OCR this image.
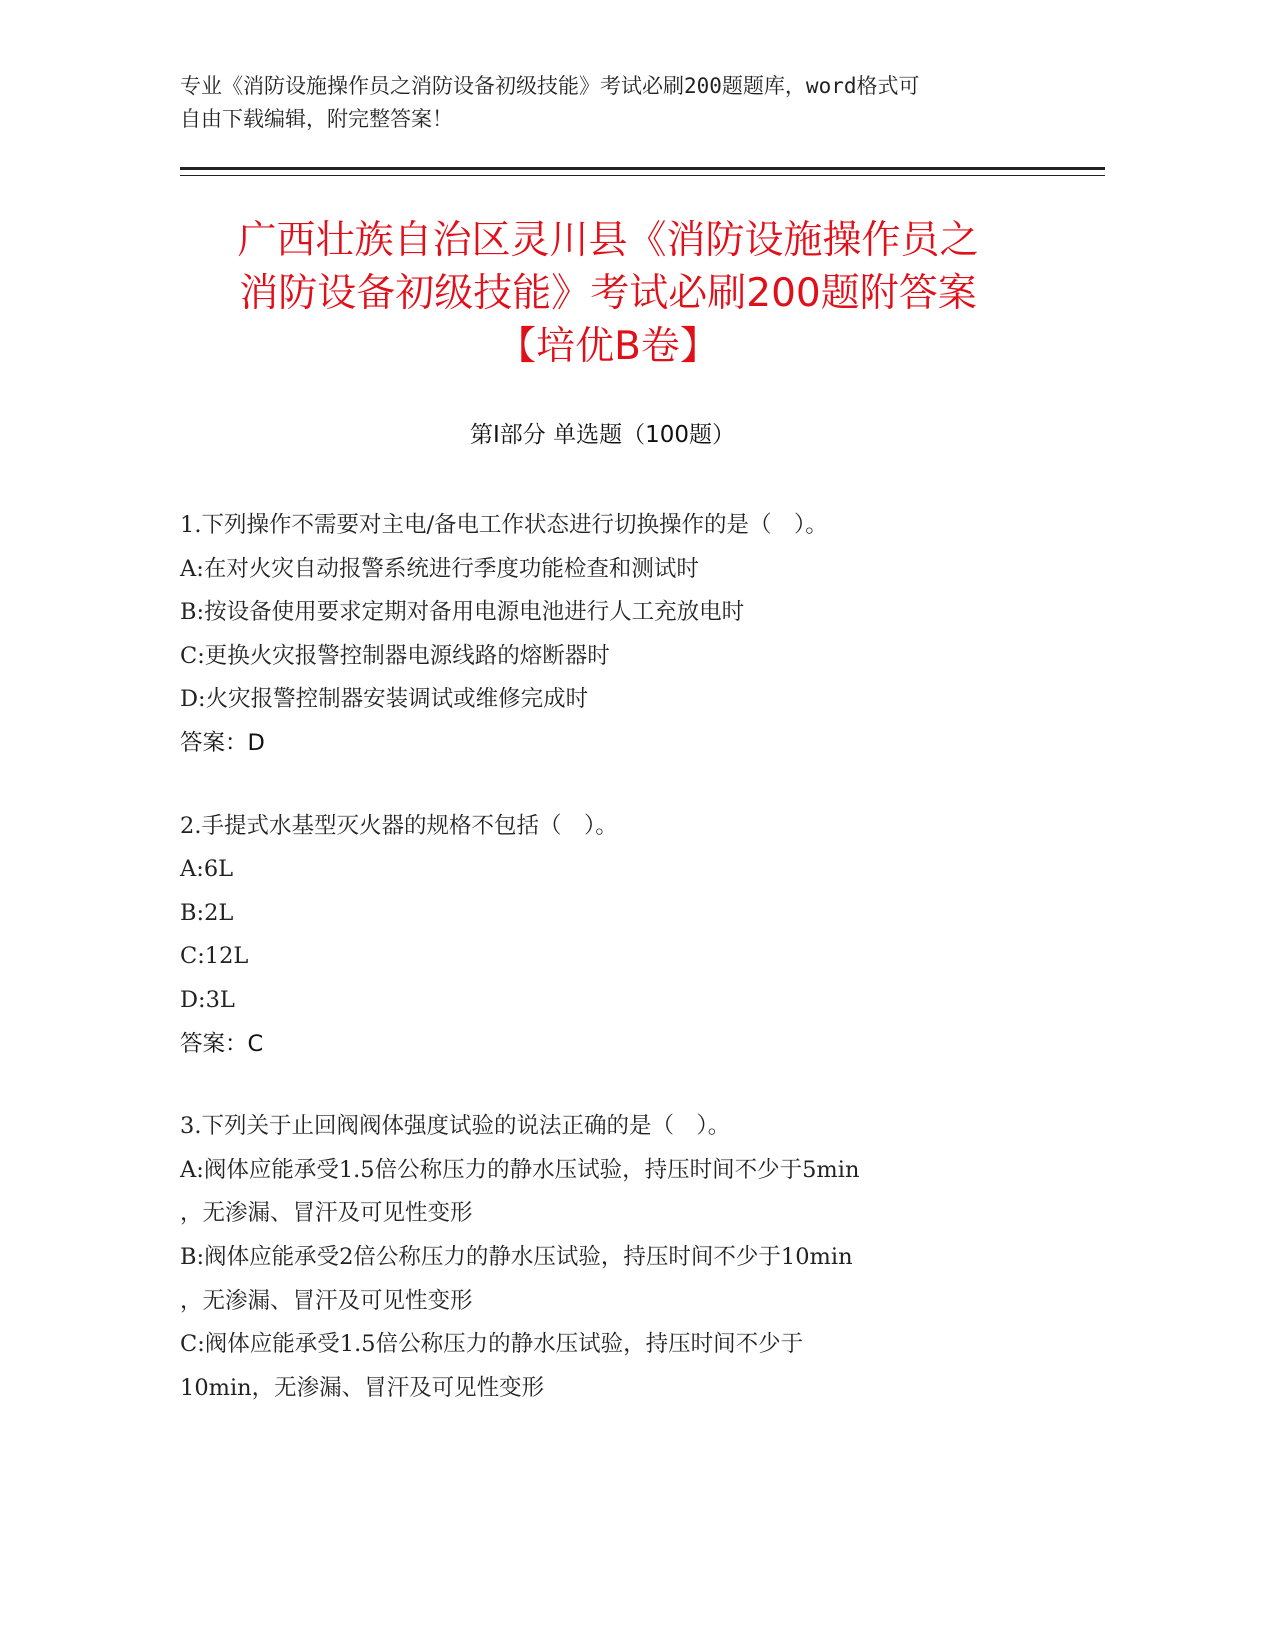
专业《消防设施操作员之消防设备初级技能》考试必刷200题题库，word格式可
自由下载编辑，附完整答案！
广西壮族自治区灵川县《消防设施操作员之
消防设备初级技能》考试必刷200题附答案
【培优B卷】
第Ⅰ部分 单选题（100题）
1.下列操作不需要对主电/备电工作状态进行切换操作的是（　）。
A:在对火灾自动报警系统进行季度功能检查和测试时
B:按设备使用要求定期对备用电源电池进行人工充放电时
C:更换火灾报警控制器电源线路的熔断器时
D:火灾报警控制器安装调试或维修完成时
答案：D
2.手提式水基型灭火器的规格不包括（　）。
A:6L
B:2L
C:12L
D:3L
答案：C
3.下列关于止回阀阀体强度试验的说法正确的是（　）。
A:阀体应能承受1.5倍公称压力的静水压试验，持压时间不少于5min
，无渗漏、冒汗及可见性变形
B:阀体应能承受2倍公称压力的静水压试验，持压时间不少于10min
，无渗漏、冒汗及可见性变形
C:阀体应能承受1.5倍公称压力的静水压试验，持压时间不少于
10min，无渗漏、冒汗及可见性变形
